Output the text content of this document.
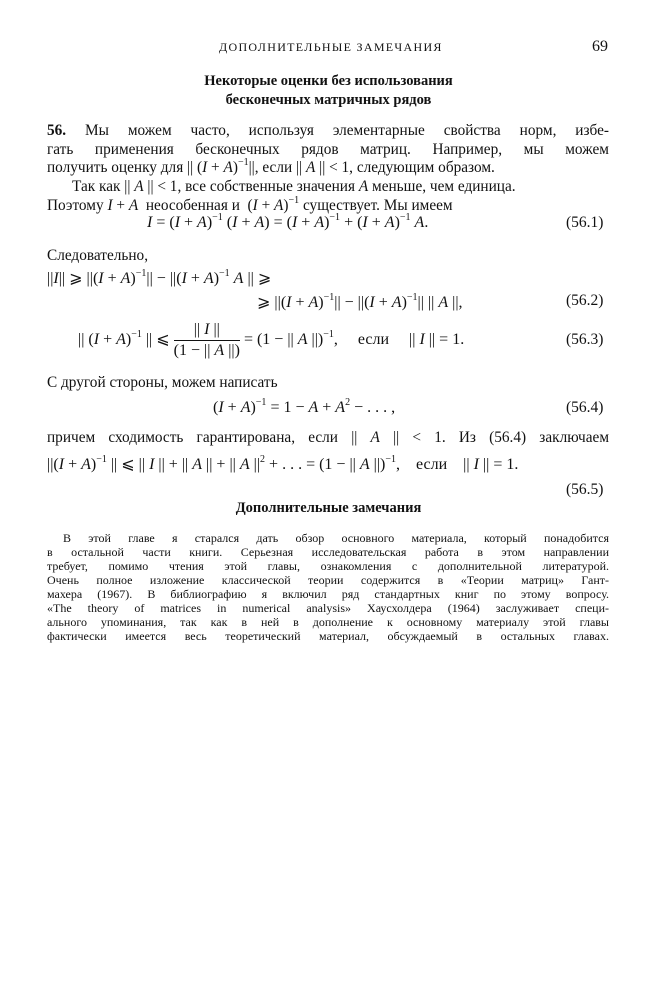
ДОПОЛНИТЕЛЬНЫЕ ЗАМЕЧАНИЯ	69
Некоторые оценки без использования
бесконечных матричных рядов
56. Мы можем часто, используя элементарные свойства норм, избе-
гать применения бесконечных рядов матриц. Например, мы можем
получить оценку для || $(I + A)^{-1}||$, если || A || < 1, следующим образом.
Так как || A || < 1, все собственные значения A меньше, чем единица.
Поэтому I + A неособенная и  $(I + A)^{-1}$ существует. Мы имеем
$I = (I + A)^{-1}$ $(I + A) = (I + A)^{-1} + (I + A)^{-1}$ A.	(56.1)
Следовательно,
||I|| ⩾ $||(I + A)^{-1}|| - ||(I + A)^{-1}$ A || ⩾
⩾ $||(I + A)^{-1}|| - ||(I + A)^{-1}||$ || A ||,	(56.2)
|| $(I + A)^{-1}$ || ⩽ $\frac{|| I ||}{(1 - || A ||)} = (1$ − || A ||)$^{-1}$,     если     || I || = 1.	(56.3)
С другой стороны, можем написать
$(I + A)^{-1} = 1 - A + A^2$ − . . . ,	(56.4)
причем сходимость гарантирована, если || A || < 1. Из (56.4) заключаем
$||(I + A)^{-1}$ || ⩽ || I || + || A || + || A $||^2$ + . . . = (1 − || A ||)$^{-1}$,    если    || I || = 1.
(56.5)
Дополнительные замечания
В этой главе я старался дать обзор основного материала, который понадобится
в остальной части книги. Серьезная исследовательская работа в этом направлении
требует, помимо чтения этой главы, ознакомления с дополнительной литературой.
Очень полное изложение классической теории содержится в «Теории матриц» Гант-
махера (1967). В библиографию я включил ряд стандартных книг по этому вопросу.
«The theory of matrices in numerical analysis» Хаусхолдера (1964) заслуживает специ-
ального упоминания, так как в ней в дополнение к основному материалу этой главы
фактически имеется весь теоретический материал, обсуждаемый в остальных главах.
